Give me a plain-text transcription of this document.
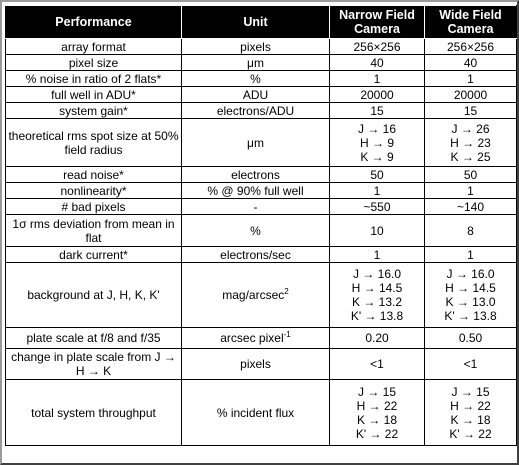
Performance	Unit	Narrow Field Camera	Wide Field Camera
array format	pixels	256×256	256×256

pixel size	μm	40	40

% noise in ratio of 2 flats*	%	1	1

full well in ADU*	ADU	20000	20000

system gain*	electrons/ADU	15	15

theoretical rms spot size at 50% field radius	μm	J → 16
H → 9
K → 9	J → 26
H → 23
K → 25

read noise*	electrons	50	50

nonlinearity*	% @ 90% full well	1	1

# bad pixels	-	~550	~140

1σ rms deviation from mean in flat	%	10	8

dark current*	electrons/sec	1	1

background at J, H, K, K'	mag/arcsec$^2$	J → 16.0
H → 14.5
K → 13.2
K' → 13.8	J → 16.0
H → 14.5
K → 13.0
K' → 13.8

plate scale at f/8 and f/35	arcsec pixel$^{-1}$	0.20	0.50

change in plate scale from J → H → K	pixels	<1	<1

total system throughput	% incident flux	J → 15
H → 22
K → 18
K' → 22	J → 15
H → 22
K → 18
K' → 22
